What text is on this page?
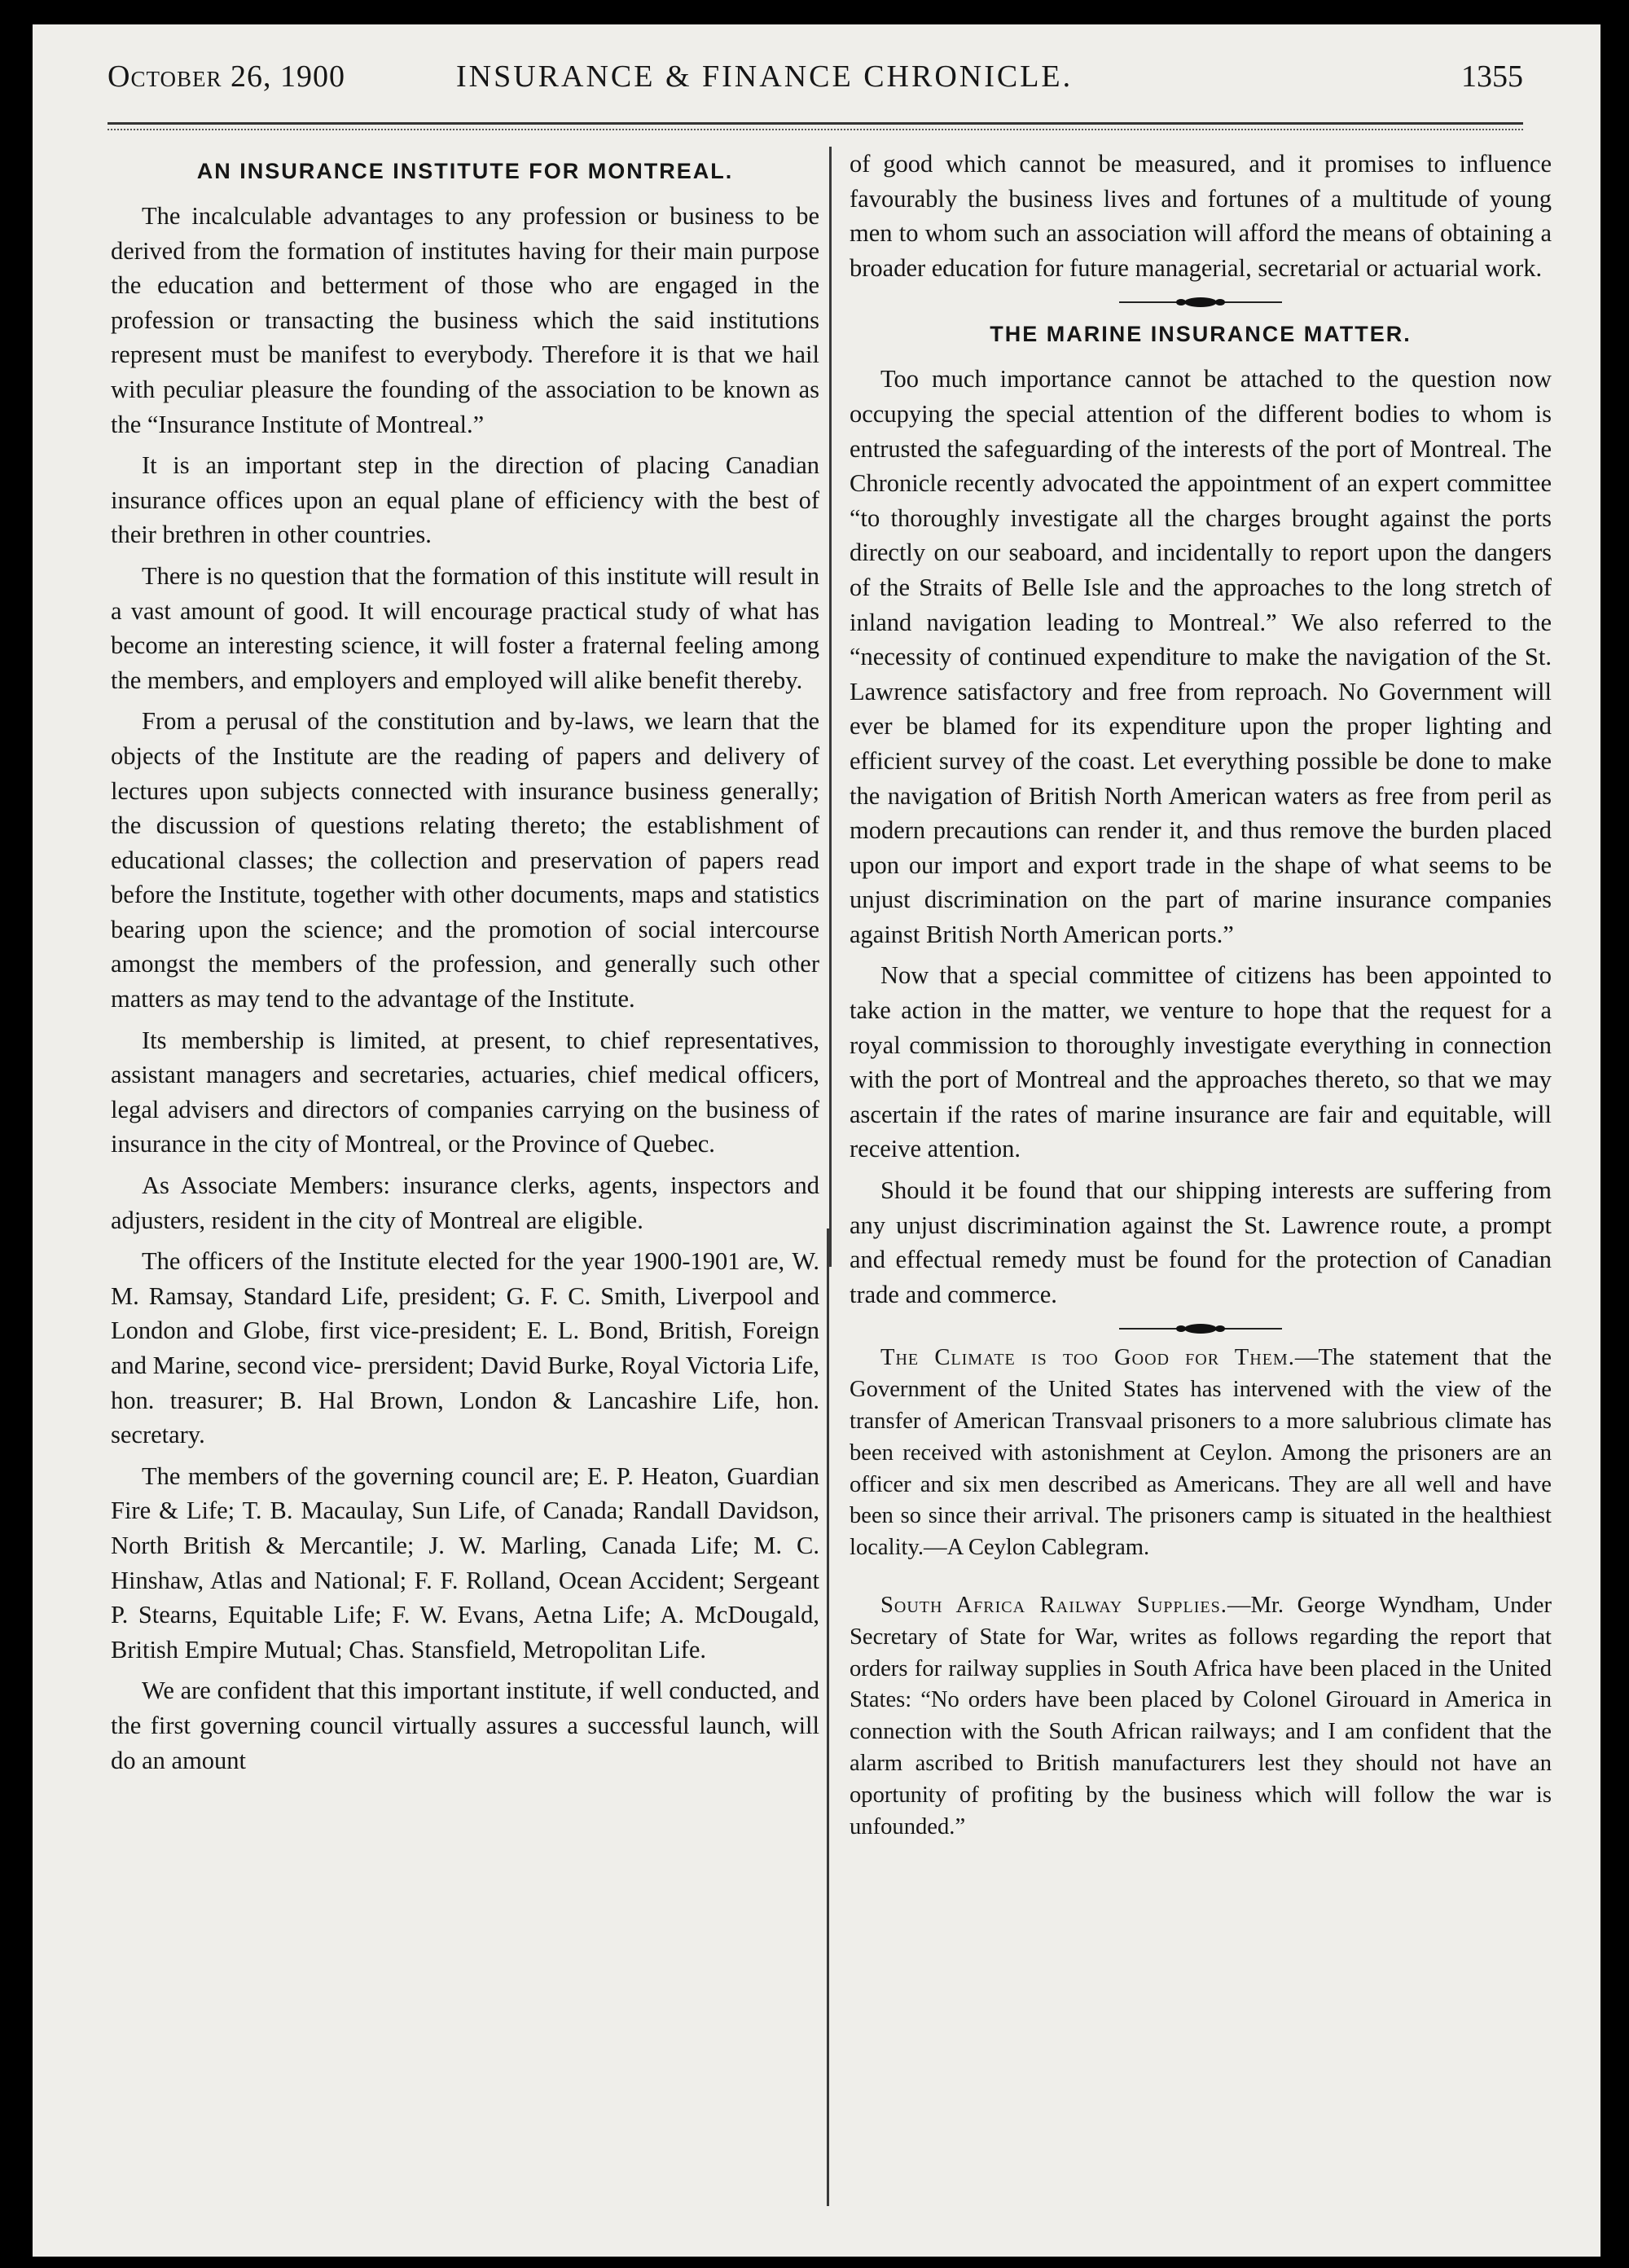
October 26, 1900	INSURANCE & FINANCE CHRONICLE.	1355
AN INSURANCE INSTITUTE FOR MONTREAL.

The incalculable advantages to any profession or business to be derived from the formation of institutes having for their main purpose the education and betterment of those who are engaged in the profession or transacting the business which the said institutions represent must be manifest to everybody. Therefore it is that we hail with peculiar pleasure the founding of the association to be known as the “Insurance Institute of Montreal.”

It is an important step in the direction of placing Canadian insurance offices upon an equal plane of efficiency with the best of their brethren in other countries.

There is no question that the formation of this institute will result in a vast amount of good. It will encourage practical study of what has become an interesting science, it will foster a fraternal feeling among the members, and employers and employed will alike benefit thereby.

From a perusal of the constitution and by-laws, we learn that the objects of the Institute are the reading of papers and delivery of lectures upon subjects connected with insurance business generally; the discussion of questions relating thereto; the establishment of educational classes; the collection and preservation of papers read before the Institute, together with other documents, maps and statistics bearing upon the science; and the promotion of social intercourse amongst the members of the profession, and generally such other matters as may tend to the advantage of the Institute.

Its membership is limited, at present, to chief representatives, assistant managers and secretaries, actuaries, chief medical officers, legal advisers and directors of companies carrying on the business of insurance in the city of Montreal, or the Province of Quebec.

As Associate Members: insurance clerks, agents, inspectors and adjusters, resident in the city of Montreal are eligible.

The officers of the Institute elected for the year 1900-1901 are, W. M. Ramsay, Standard Life, president; G. F. C. Smith, Liverpool and London and Globe, first vice-president; E. L. Bond, British, Foreign and Marine, second vice- prersident; David Burke, Royal Victoria Life, hon. treasurer; B. Hal Brown, London & Lancashire Life, hon. secretary.

The members of the governing council are; E. P. Heaton, Guardian Fire & Life; T. B. Macaulay, Sun Life, of Canada; Randall Davidson, North British & Mercantile; J. W. Marling, Canada Life; M. C. Hinshaw, Atlas and National; F. F. Rolland, Ocean Accident; Sergeant P. Stearns, Equitable Life; F. W. Evans, Aetna Life; A. McDougald, British Empire Mutual; Chas. Stansfield, Metropolitan Life.

We are confident that this important institute, if well conducted, and the first governing council virtually assures a successful launch, will do an amount

of good which cannot be measured, and it promises to influence favourably the business lives and fortunes of a multitude of young men to whom such an association will afford the means of obtaining a broader education for future managerial, secretarial or actuarial work.

THE MARINE INSURANCE MATTER.

Too much importance cannot be attached to the question now occupying the special attention of the different bodies to whom is entrusted the safeguarding of the interests of the port of Montreal. The Chronicle recently advocated the appointment of an expert committee “to thoroughly investigate all the charges brought against the ports directly on our seaboard, and incidentally to report upon the dangers of the Straits of Belle Isle and the approaches to the long stretch of inland navigation leading to Montreal.” We also referred to the “necessity of continued expenditure to make the navigation of the St. Lawrence satisfactory and free from reproach. No Government will ever be blamed for its expenditure upon the proper lighting and efficient survey of the coast. Let everything possible be done to make the navigation of British North American waters as free from peril as modern precautions can render it, and thus remove the burden placed upon our import and export trade in the shape of what seems to be unjust discrimination on the part of marine insurance companies against British North American ports.”

Now that a special committee of citizens has been appointed to take action in the matter, we venture to hope that the request for a royal commission to thoroughly investigate everything in connection with the port of Montreal and the approaches thereto, so that we may ascertain if the rates of marine insurance are fair and equitable, will receive attention.

Should it be found that our shipping interests are suffering from any unjust discrimination against the St. Lawrence route, a prompt and effectual remedy must be found for the protection of Canadian trade and commerce.

The Climate is too Good for Them.—The statement that the Government of the United States has intervened with the view of the transfer of American Transvaal prisoners to a more salubrious climate has been received with astonishment at Ceylon. Among the prisoners are an officer and six men described as Americans. They are all well and have been so since their arrival. The prisoners camp is situated in the healthiest locality.—A Ceylon Cablegram.

South Africa Railway Supplies.—Mr. George Wyndham, Under Secretary of State for War, writes as follows regarding the report that orders for railway supplies in South Africa have been placed in the United States: “No orders have been placed by Colonel Girouard in America in connection with the South African railways; and I am confident that the alarm ascribed to British manufacturers lest they should not have an oportunity of profiting by the business which will follow the war is unfounded.”
